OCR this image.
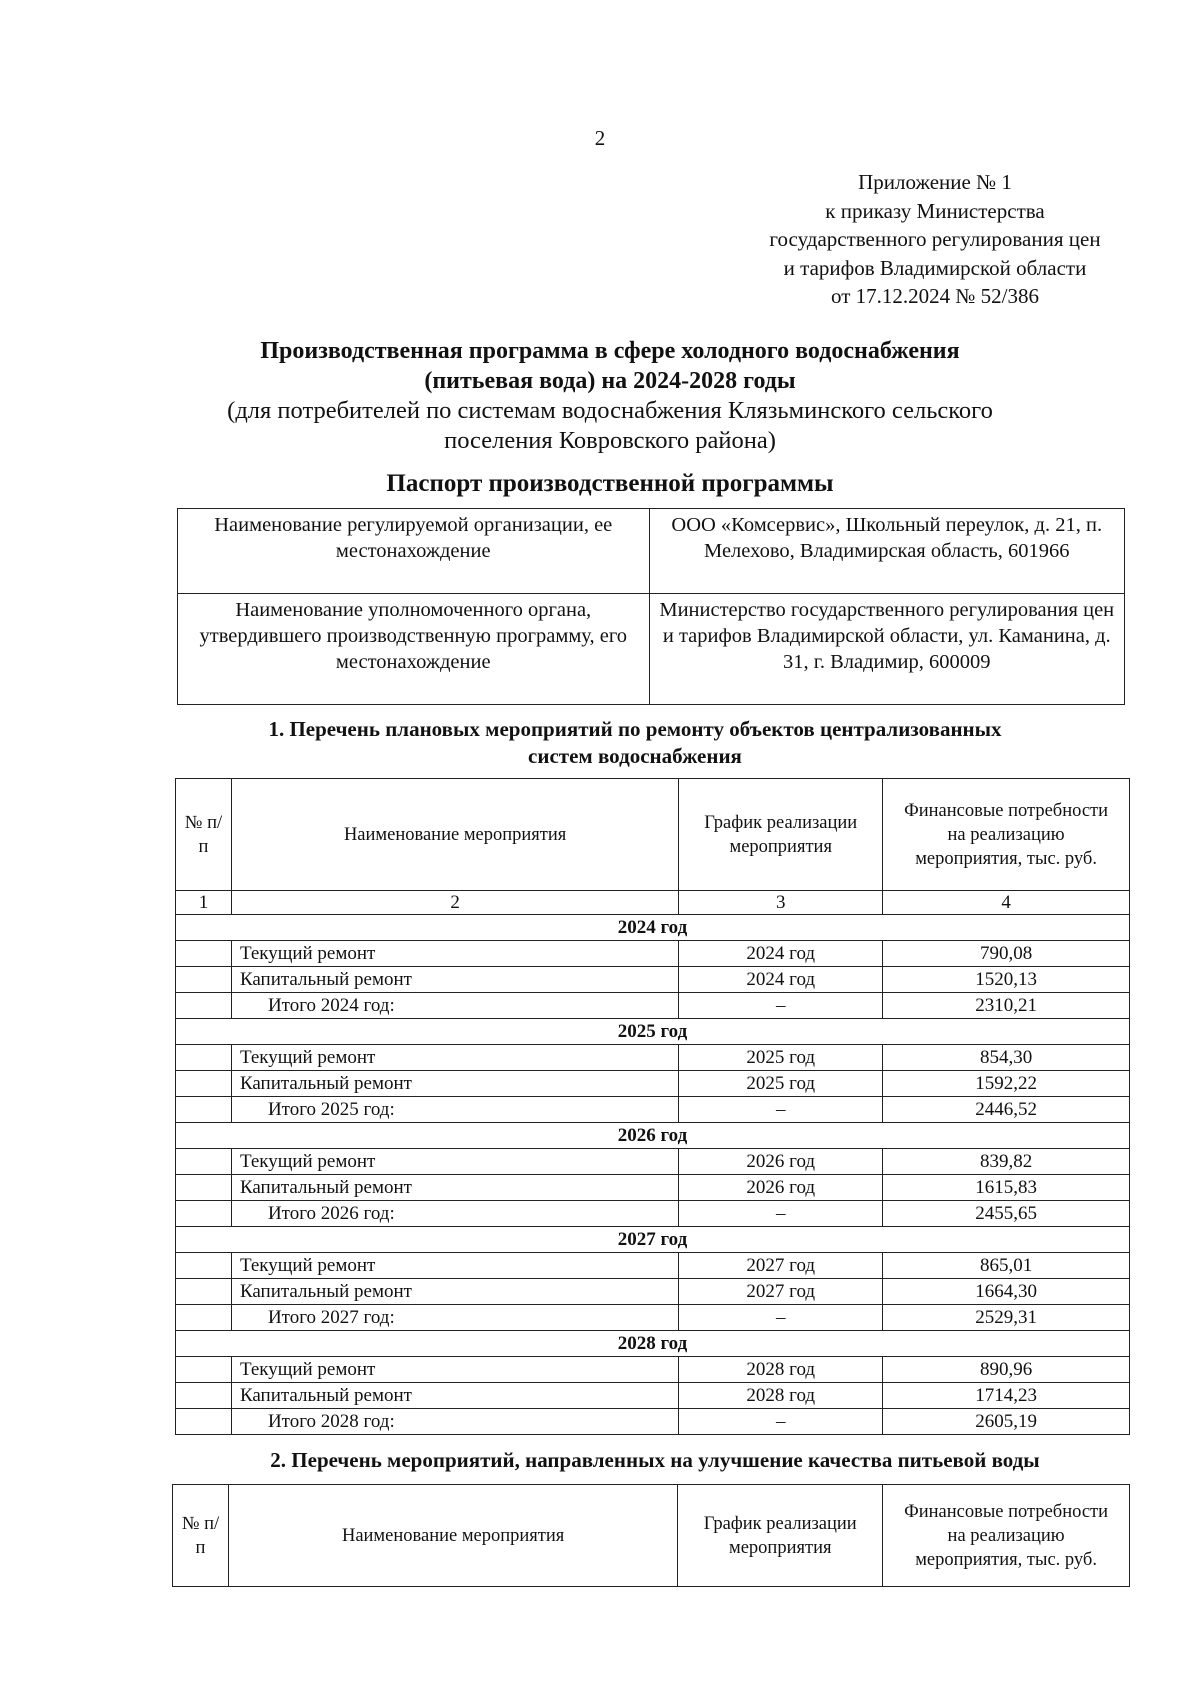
2
Приложение № 1
к приказу Министерства
государственного регулирования цен
и тарифов Владимирской области
от 17.12.2024 № 52/386
Производственная программа в сфере холодного водоснабжения
(питьевая вода) на 2024-2028 годы
(для потребителей по системам водоснабжения Клязьминского сельского
поселения Ковровского района)
Паспорт производственной программы
Наименование регулируемой организации, ее местонахождение	ООО «Комсервис», Школьный переулок, д. 21, п. Мелехово, Владимирская область, 601966
Наименование уполномоченного органа, утвердившего производственную программу, его местонахождение	Министерство государственного регулирования цен и тарифов Владимирской области, ул. Каманина, д. 31, г. Владимир, 600009
1. Перечень плановых мероприятий по ремонту объектов централизованных
систем водоснабжения
№ п/п	Наименование мероприятия	График реализации мероприятия	Финансовые потребности на реализацию мероприятия, тыс. руб.
1	2	3	4
2024 год			
	Текущий ремонт	2024 год	790,08
	Капитальный ремонт	2024 год	1520,13
	Итого 2024 год:	–	2310,21
2025 год			
	Текущий ремонт	2025 год	854,30
	Капитальный ремонт	2025 год	1592,22
	Итого 2025 год:	–	2446,52
2026 год			
	Текущий ремонт	2026 год	839,82
	Капитальный ремонт	2026 год	1615,83
	Итого 2026 год:	–	2455,65
2027 год			
	Текущий ремонт	2027 год	865,01
	Капитальный ремонт	2027 год	1664,30
	Итого 2027 год:	–	2529,31
2028 год			
	Текущий ремонт	2028 год	890,96
	Капитальный ремонт	2028 год	1714,23
	Итого 2028 год:	–	2605,19
2. Перечень мероприятий, направленных на улучшение качества питьевой воды
№ п/п	Наименование мероприятия	График реализации мероприятия	Финансовые потребности на реализацию мероприятия, тыс. руб.
